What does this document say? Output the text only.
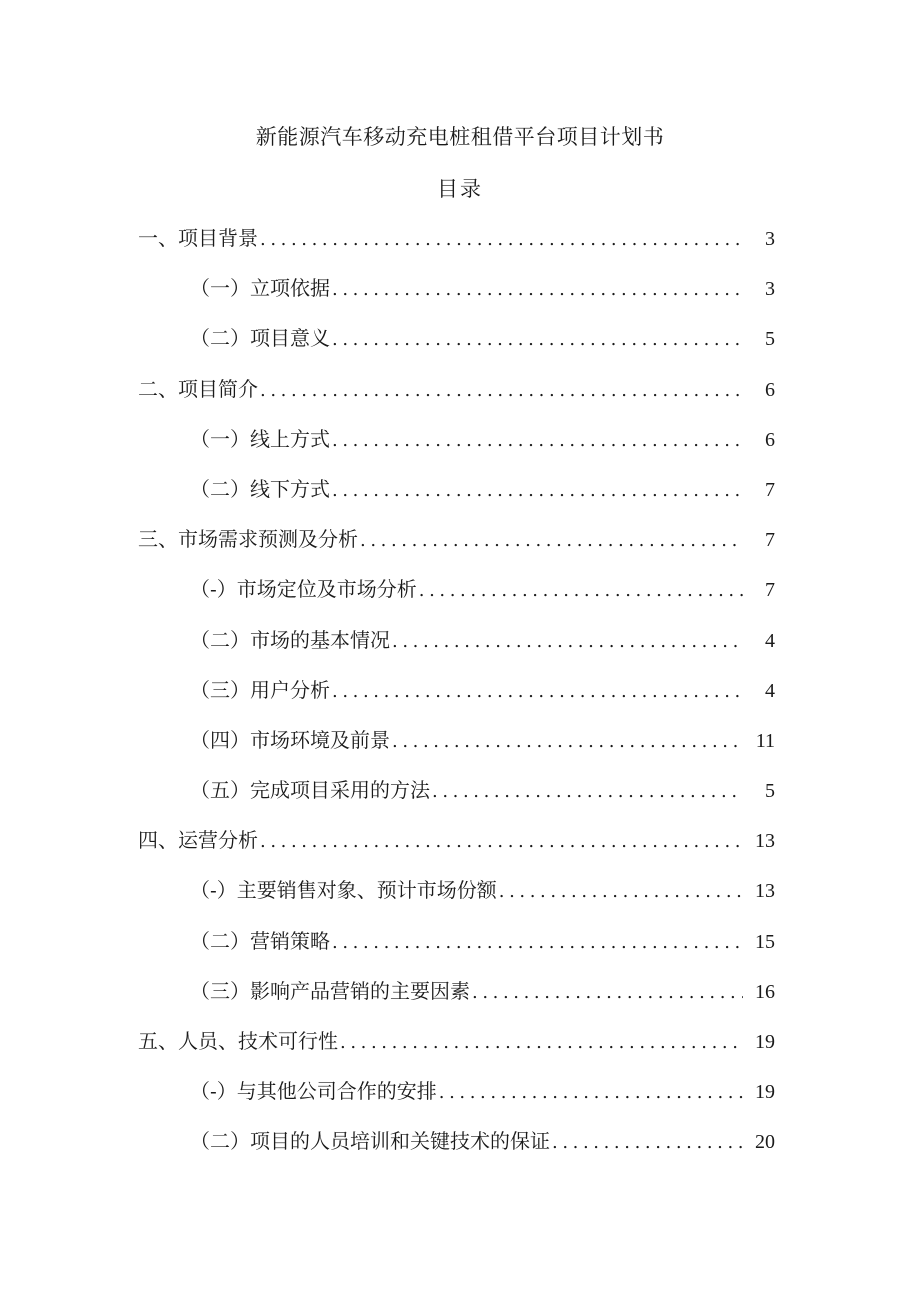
新能源汽车移动充电桩租借平台项目计划书
目录
一、项目背景 .....	3
（一）立项依据 .....	3
（二）项目意义 .....	5
二、项目简介 .....	6
（一）线上方式 .....	6
（二）线下方式 .....	7
三、市场需求预测及分析 .....	7
（-）市场定位及市场分析 .....	7
（二）市场的基本情况 .....	4
（三）用户分析 .....	4
（四）市场环境及前景 .....	11
（五）完成项目采用的方法 .....	5
四、运营分析 .....	13
（-）主要销售对象、预计市场份额 .....	13
（二）营销策略 .....	15
（三）影响产品营销的主要因素 .....	16
五、人员、技术可行性 .....	19
（-）与其他公司合作的安排 .....	19
（二）项目的人员培训和关键技术的保证 .....	20
